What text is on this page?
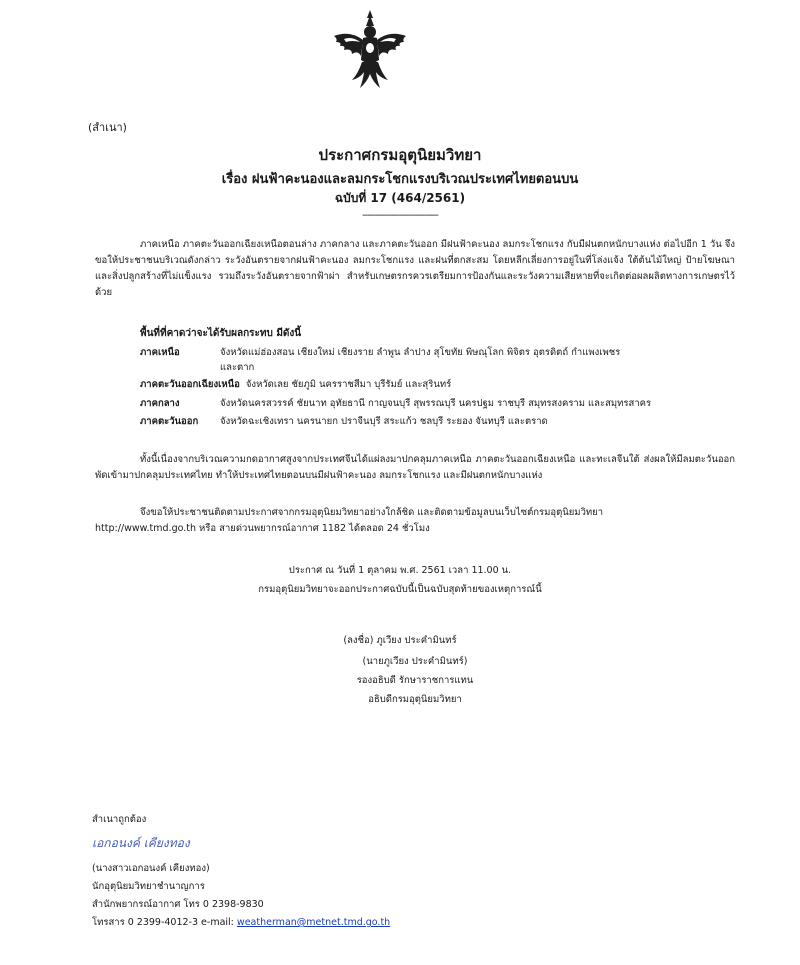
(สำเนา)
ประกาศกรมอุตุนิยมวิทยา
เรื่อง ฝนฟ้าคะนองและลมกระโชกแรงบริเวณประเทศไทยตอนบน
ฉบับที่ 17 (464/2561)
-----------------------------

ภาคเหนือ ภาคตะวันออกเฉียงเหนือตอนล่าง ภาคกลาง และภาคตะวันออก มีฝนฟ้าคะนอง ลมกระโชกแรง กับมีฝนตกหนักบางแห่ง ต่อไปอีก 1 วัน จึงขอให้ประชาชนบริเวณดังกล่าว ระวังอันตรายจากฝนฟ้าคะนอง ลมกระโชกแรง และฝนที่ตกสะสม โดยหลีกเลี่ยงการอยู่ในที่โล่งแจ้ง ใต้ต้นไม้ใหญ่ ป้ายโฆษณา และสิ่งปลูกสร้างที่ไม่แข็งแรง รวมถึงระวังอันตรายจากฟ้าผ่า สำหรับเกษตรกรควรเตรียมการป้องกันและระวังความเสียหายที่จะเกิดต่อผลผลิตทางการเกษตรไว้ด้วย

พื้นที่ที่คาดว่าจะได้รับผลกระทบ มีดังนี้
ภาคเหนือ	จังหวัดแม่ฮ่องสอน เชียงใหม่ เชียงราย ลำพูน ลำปาง สุโขทัย พิษณุโลก พิจิตร อุตรดิตถ์ กำแพงเพชร
และตาก
ภาคตะวันออกเฉียงเหนือ จังหวัดเลย ชัยภูมิ นครราชสีมา บุรีรัมย์ และสุรินทร์
ภาคกลาง	จังหวัดนครสวรรค์ ชัยนาท อุทัยธานี กาญจนบุรี สุพรรณบุรี นครปฐม ราชบุรี สมุทรสงคราม และสมุทรสาคร
ภาคตะวันออก จังหวัดฉะเชิงเทรา นครนายก ปราจีนบุรี สระแก้ว ชลบุรี ระยอง จันทบุรี และตราด

ทั้งนี้เนื่องจากบริเวณความกดอากาศสูงจากประเทศจีนได้แผ่ลงมาปกคลุมภาคเหนือ ภาคตะวันออกเฉียงเหนือ และทะเลจีนใต้ ส่งผลให้มีลมตะวันออกพัดเข้ามาปกคลุมประเทศไทย ทำให้ประเทศไทยตอนบนมีฝนฟ้าคะนอง ลมกระโชกแรง และมีฝนตกหนักบางแห่ง

จึงขอให้ประชาชนติดตามประกาศจากกรมอุตุนิยมวิทยาอย่างใกล้ชิด และติดตามข้อมูลบนเว็บไซต์กรมอุตุนิยมวิทยา

http://www.tmd.go.th หรือ สายด่วนพยากรณ์อากาศ 1182 ได้ตลอด 24 ชั่วโมง

ประกาศ ณ วันที่ 1 ตุลาคม พ.ศ. 2561 เวลา 11.00 น.
กรมอุตุนิยมวิทยาจะออกประกาศฉบับนี้เป็นฉบับสุดท้ายของเหตุการณ์นี้
(ลงชื่อ) ภูเวียง ประคำมินทร์
(นายภูเวียง ประคำมินทร์)
รองอธิบดี รักษาราชการแทน
อธิบดีกรมอุตุนิยมวิทยา
สำเนาถูกต้อง
เอกอนงค์ เคียงทอง
(นางสาวเอกอนงค์ เคียงทอง)
นักอุตุนิยมวิทยาชำนาญการ
สำนักพยากรณ์อากาศ โทร 0 2398-9830
โทรสาร 0 2399-4012-3 e-mail: weatherman@metnet.tmd.go.th
